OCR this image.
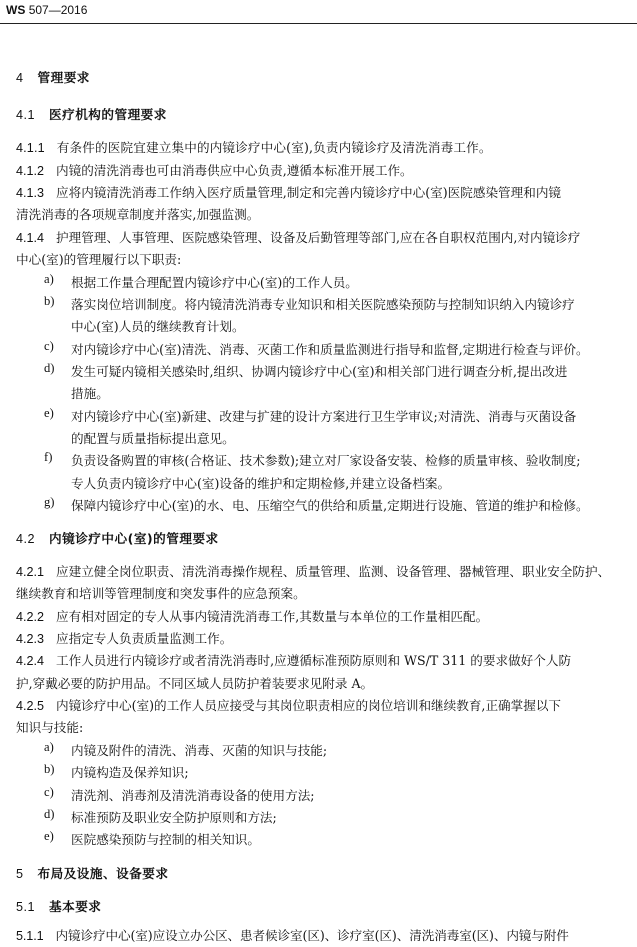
WS 507—2016
4 管理要求
4.1 医疗机构的管理要求
4.1.1 有条件的医院宜建立集中的内镜诊疗中心(室),负责内镜诊疗及清洗消毒工作。
4.1.2 内镜的清洗消毒也可由消毒供应中心负责,遵循本标准开展工作。
4.1.3 应将内镜清洗消毒工作纳入医疗质量管理,制定和完善内镜诊疗中心(室)医院感染管理和内镜
清洗消毒的各项规章制度并落实,加强监测。
4.1.4 护理管理、人事管理、医院感染管理、设备及后勤管理等部门,应在各自职权范围内,对内镜诊疗
中心(室)的管理履行以下职责:
a) 根据工作量合理配置内镜诊疗中心(室)的工作人员。
b) 落实岗位培训制度。将内镜清洗消毒专业知识和相关医院感染预防与控制知识纳入内镜诊疗
中心(室)人员的继续教育计划。
c) 对内镜诊疗中心(室)清洗、消毒、灭菌工作和质量监测进行指导和监督,定期进行检查与评价。
d) 发生可疑内镜相关感染时,组织、协调内镜诊疗中心(室)和相关部门进行调查分析,提出改进
措施。
e) 对内镜诊疗中心(室)新建、改建与扩建的设计方案进行卫生学审议;对清洗、消毒与灭菌设备
的配置与质量指标提出意见。
f) 负责设备购置的审核(合格证、技术参数);建立对厂家设备安装、检修的质量审核、验收制度;
专人负责内镜诊疗中心(室)设备的维护和定期检修,并建立设备档案。
g) 保障内镜诊疗中心(室)的水、电、压缩空气的供给和质量,定期进行设施、管道的维护和检修。
4.2 内镜诊疗中心(室)的管理要求
4.2.1 应建立健全岗位职责、清洗消毒操作规程、质量管理、监测、设备管理、器械管理、职业安全防护、
继续教育和培训等管理制度和突发事件的应急预案。
4.2.2 应有相对固定的专人从事内镜清洗消毒工作,其数量与本单位的工作量相匹配。
4.2.3 应指定专人负责质量监测工作。
4.2.4 工作人员进行内镜诊疗或者清洗消毒时,应遵循标准预防原则和 WS/T 311 的要求做好个人防
护,穿戴必要的防护用品。不同区域人员防护着装要求见附录 A。
4.2.5 内镜诊疗中心(室)的工作人员应接受与其岗位职责相应的岗位培训和继续教育,正确掌握以下
知识与技能:
a) 内镜及附件的清洗、消毒、灭菌的知识与技能;
b) 内镜构造及保养知识;
c) 清洗剂、消毒剂及清洗消毒设备的使用方法;
d) 标准预防及职业安全防护原则和方法;
e) 医院感染预防与控制的相关知识。
5 布局及设施、设备要求
5.1 基本要求
5.1.1 内镜诊疗中心(室)应设立办公区、患者候诊室(区)、诊疗室(区)、清洗消毒室(区)、内镜与附件
